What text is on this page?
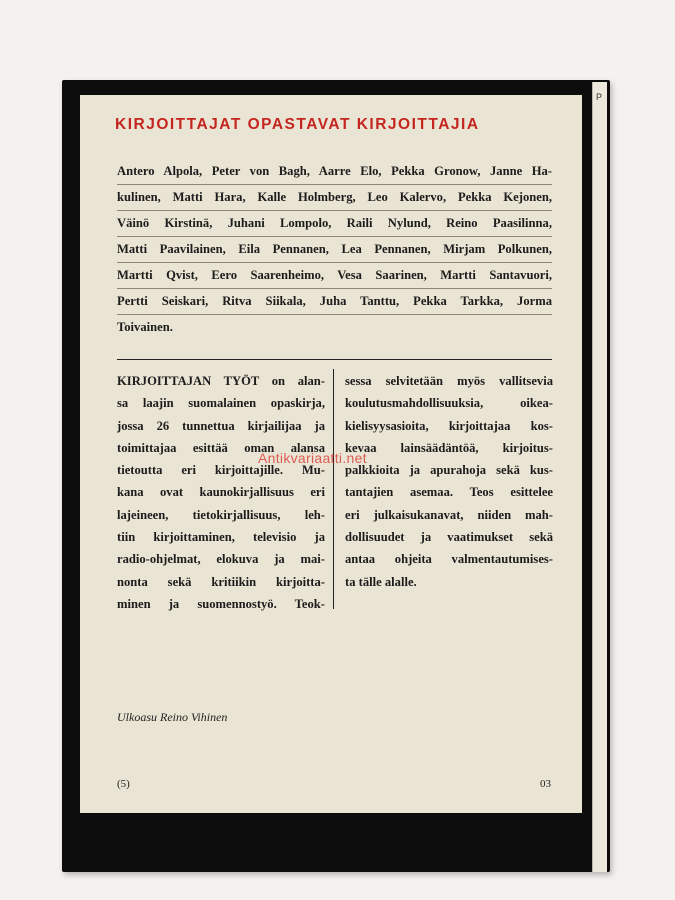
P
KIRJOITTAJAT OPASTAVAT KIRJOITTAJIA
Antero Alpola, Peter von Bagh, Aarre Elo, Pekka Gronow, Janne Ha-
kulinen, Matti Hara, Kalle Holmberg, Leo Kalervo, Pekka Kejonen,
Väinö Kirstinä, Juhani Lompolo, Raili Nylund, Reino Paasilinna,
Matti Paavilainen, Eila Pennanen, Lea Pennanen, Mirjam Polkunen,
Martti Qvist, Eero Saarenheimo, Vesa Saarinen, Martti Santavuori,
Pertti Seiskari, Ritva Siikala, Juha Tanttu, Pekka Tarkka, Jorma
Toivainen.
KIRJOITTAJAN TYÖT on alan-
sa laajin suomalainen opaskirja,
jossa 26 tunnettua kirjailijaa ja
toimittajaa esittää oman alansa
tietoutta eri kirjoittajille. Mu-
kana ovat kaunokirjallisuus eri
lajeineen, tietokirjallisuus, leh-
tiin kirjoittaminen, televisio ja
radio-ohjelmat, elokuva ja mai-
nonta sekä kritiikin kirjoitta-
minen ja suomennostyö. Teok-
sessa selvitetään myös vallitsevia
koulutusmahdollisuuksia, oikea-
kielisyysasioita, kirjoittajaa kos-
kevaa lainsäädäntöä, kirjoitus-
palkkioita ja apurahoja sekä kus-
tantajien asemaa. Teos esittelee
eri julkaisukanavat, niiden mah-
dollisuudet ja vaatimukset sekä
antaa ohjeita valmentautumises-
ta tälle alalle.
Antikvariaatti.net
Ulkoasu Reino Vihinen
(5)	03
